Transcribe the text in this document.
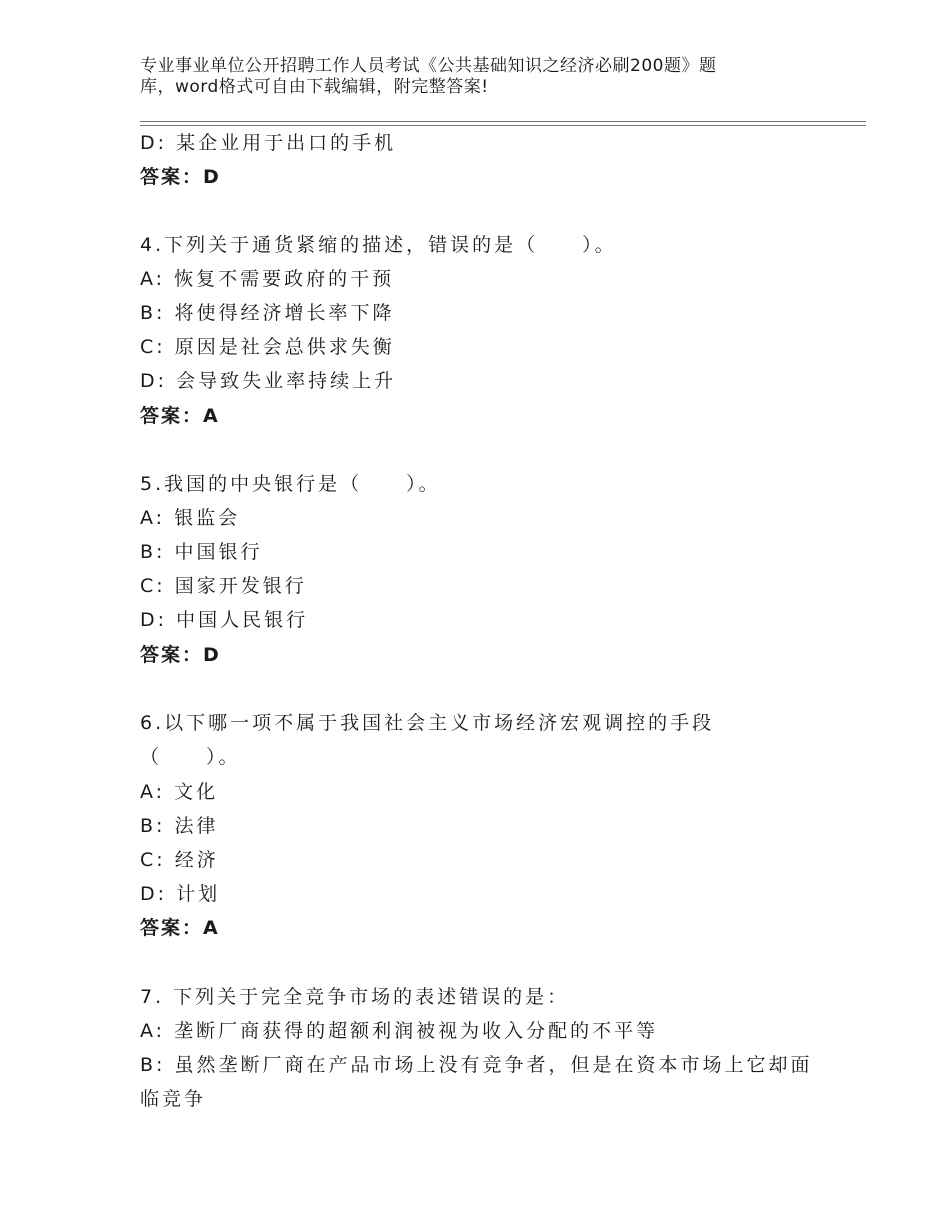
专业事业单位公开招聘工作人员考试《公共基础知识之经济必刷200题》题
库，word格式可自由下载编辑，附完整答案!
D: 某企业用于出口的手机
答案：D
4.下列关于通货紧缩的描述，错误的是（　　）。
A: 恢复不需要政府的干预
B: 将使得经济增长率下降
C: 原因是社会总供求失衡
D: 会导致失业率持续上升
答案：A
5.我国的中央银行是（　　）。
A: 银监会
B: 中国银行
C: 国家开发银行
D: 中国人民银行
答案：D
6.以下哪一项不属于我国社会主义市场经济宏观调控的手段
（　　）。
A: 文化
B: 法律
C: 经济
D: 计划
答案：A
7. 下列关于完全竞争市场的表述错误的是：
A: 垄断厂商获得的超额利润被视为收入分配的不平等
B: 虽然垄断厂商在产品市场上没有竞争者，但是在资本市场上它却面
临竞争
